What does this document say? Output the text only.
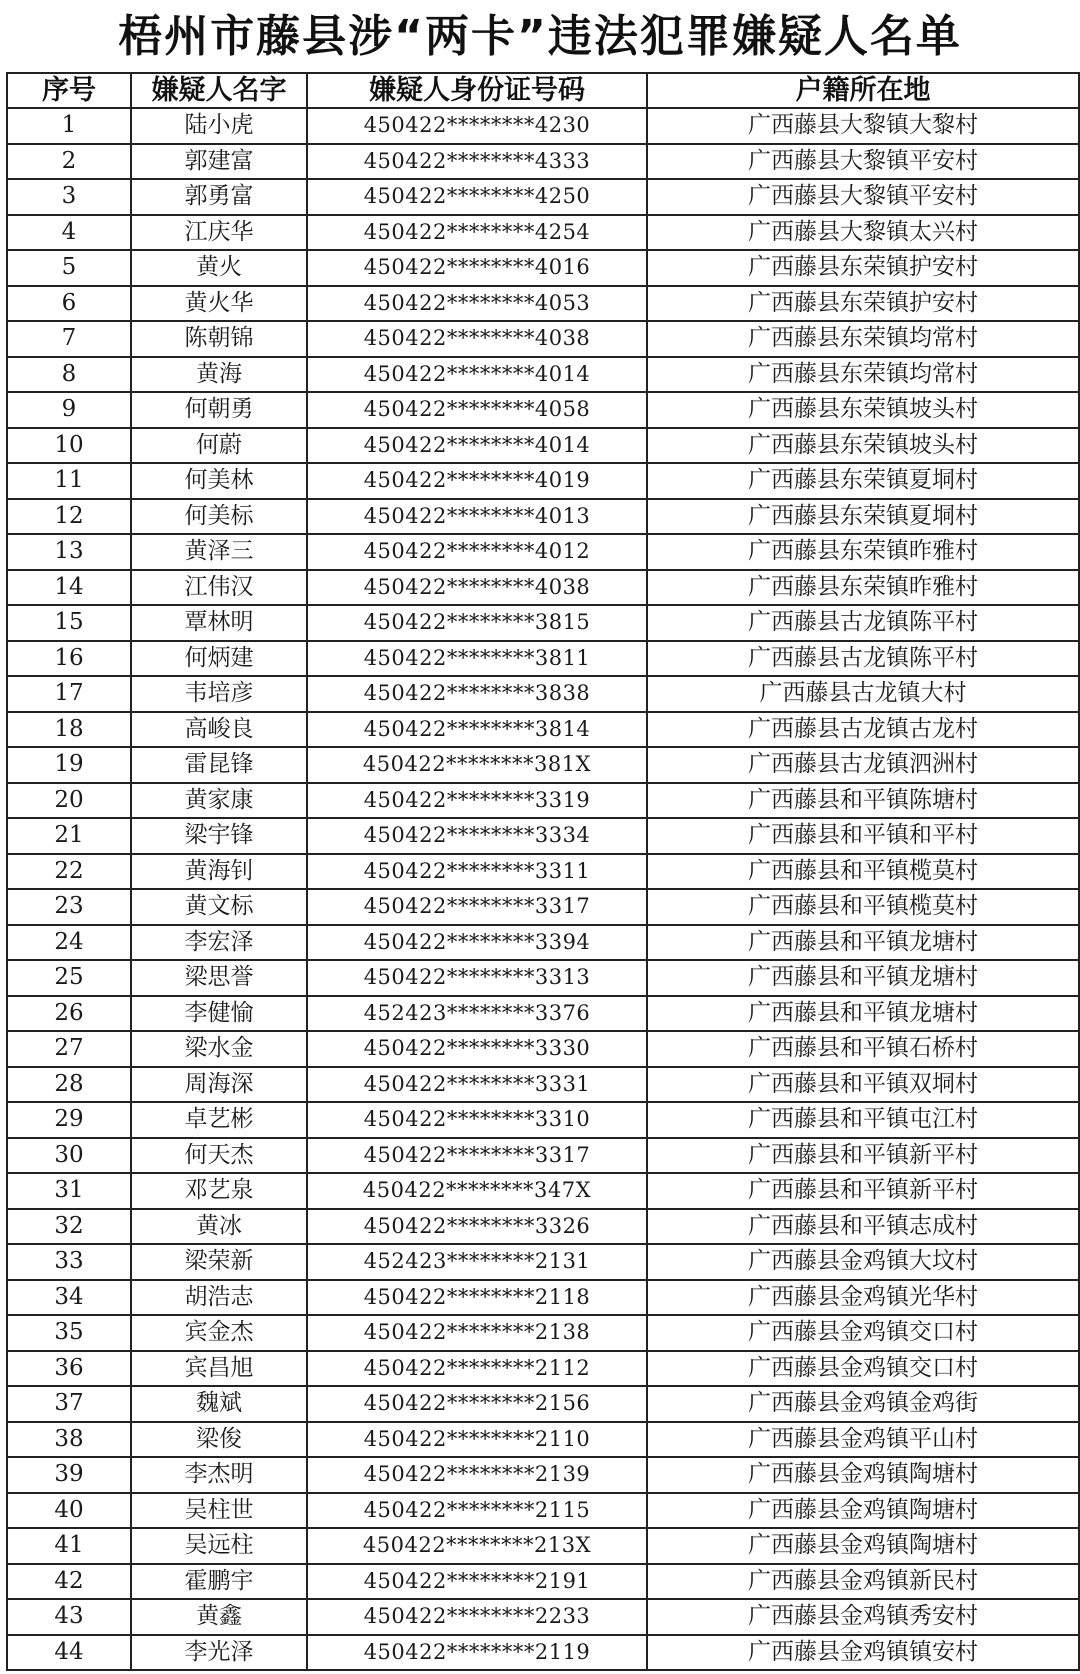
梧州市藤县涉“两卡”违法犯罪嫌疑人名单
序号	嫌疑人名字	嫌疑人身份证号码	户籍所在地
1	陆小虎	450422********4230	广西藤县大黎镇大黎村
2	郭建富	450422********4333	广西藤县大黎镇平安村
3	郭勇富	450422********4250	广西藤县大黎镇平安村
4	江庆华	450422********4254	广西藤县大黎镇太兴村
5	黄火	450422********4016	广西藤县东荣镇护安村
6	黄火华	450422********4053	广西藤县东荣镇护安村
7	陈朝锦	450422********4038	广西藤县东荣镇均常村
8	黄海	450422********4014	广西藤县东荣镇均常村
9	何朝勇	450422********4058	广西藤县东荣镇坡头村
10	何蔚	450422********4014	广西藤县东荣镇坡头村
11	何美林	450422********4019	广西藤县东荣镇夏垌村
12	何美标	450422********4013	广西藤县东荣镇夏垌村
13	黄泽三	450422********4012	广西藤县东荣镇昨雅村
14	江伟汉	450422********4038	广西藤县东荣镇昨雅村
15	覃林明	450422********3815	广西藤县古龙镇陈平村
16	何炳建	450422********3811	广西藤县古龙镇陈平村
17	韦培彦	450422********3838	广西藤县古龙镇大村
18	高峻良	450422********3814	广西藤县古龙镇古龙村
19	雷昆锋	450422********381X	广西藤县古龙镇泗洲村
20	黄家康	450422********3319	广西藤县和平镇陈塘村
21	梁宇锋	450422********3334	广西藤县和平镇和平村
22	黄海钊	450422********3311	广西藤县和平镇榄莫村
23	黄文标	450422********3317	广西藤县和平镇榄莫村
24	李宏泽	450422********3394	广西藤县和平镇龙塘村
25	梁思誉	450422********3313	广西藤县和平镇龙塘村
26	李健愉	452423********3376	广西藤县和平镇龙塘村
27	梁水金	450422********3330	广西藤县和平镇石桥村
28	周海深	450422********3331	广西藤县和平镇双垌村
29	卓艺彬	450422********3310	广西藤县和平镇屯江村
30	何天杰	450422********3317	广西藤县和平镇新平村
31	邓艺泉	450422********347X	广西藤县和平镇新平村
32	黄冰	450422********3326	广西藤县和平镇志成村
33	梁荣新	452423********2131	广西藤县金鸡镇大坟村
34	胡浩志	450422********2118	广西藤县金鸡镇光华村
35	宾金杰	450422********2138	广西藤县金鸡镇交口村
36	宾昌旭	450422********2112	广西藤县金鸡镇交口村
37	魏斌	450422********2156	广西藤县金鸡镇金鸡街
38	梁俊	450422********2110	广西藤县金鸡镇平山村
39	李杰明	450422********2139	广西藤县金鸡镇陶塘村
40	吴柱世	450422********2115	广西藤县金鸡镇陶塘村
41	吴远柱	450422********213X	广西藤县金鸡镇陶塘村
42	霍鹏宇	450422********2191	广西藤县金鸡镇新民村
43	黄鑫	450422********2233	广西藤县金鸡镇秀安村
44	李光泽	450422********2119	广西藤县金鸡镇镇安村
